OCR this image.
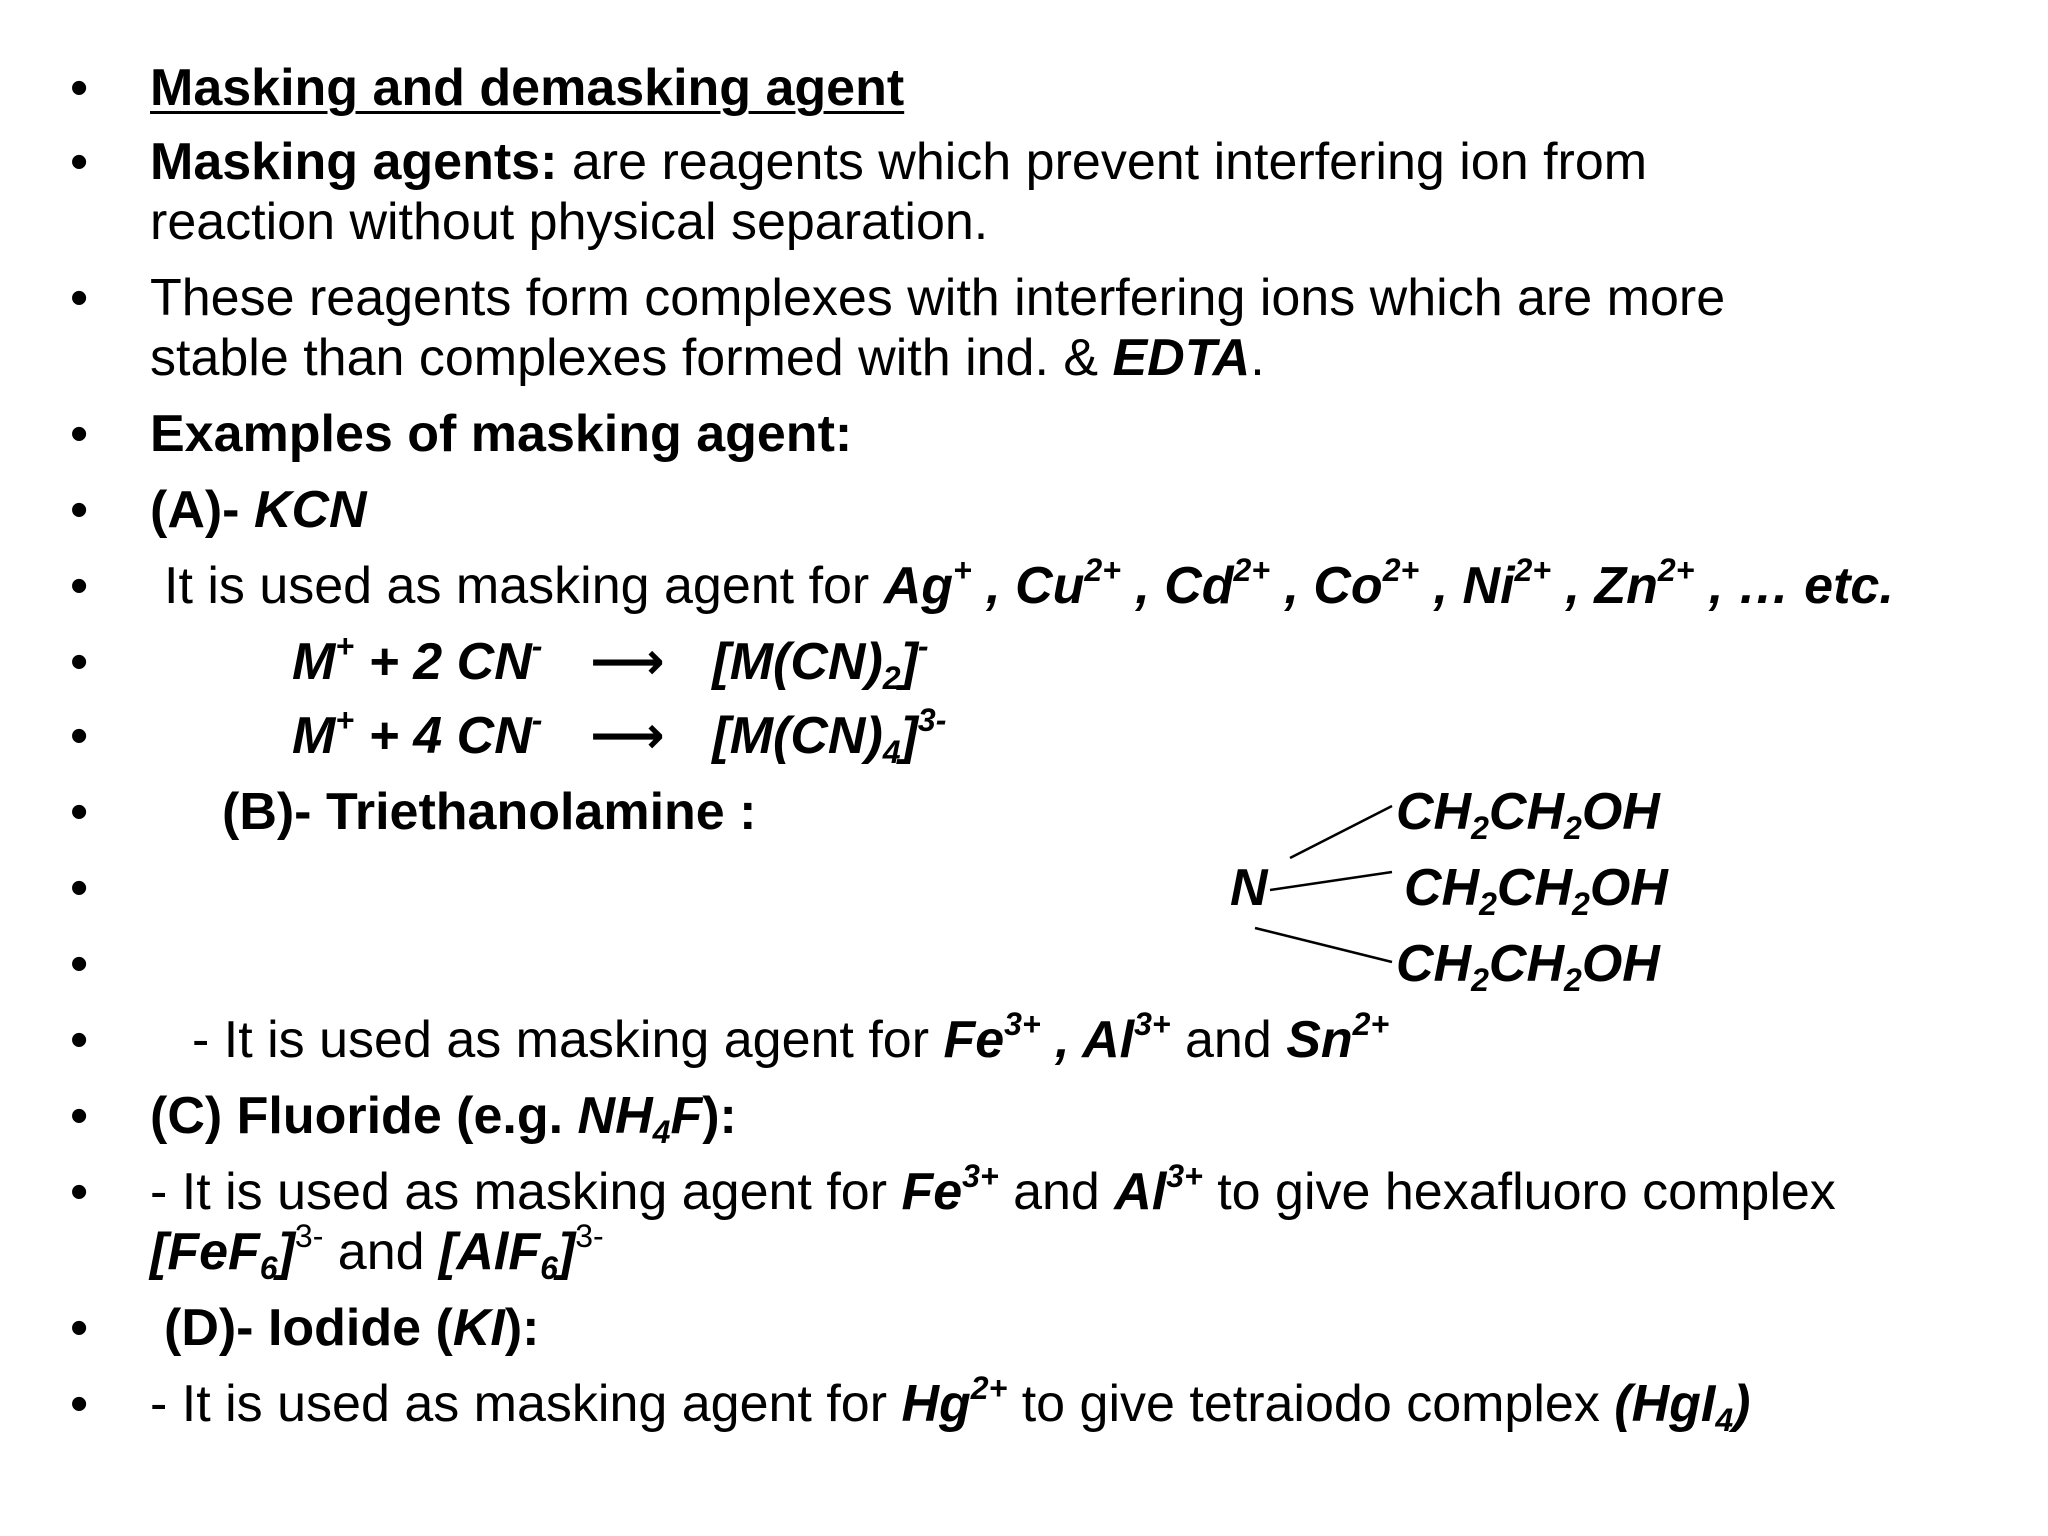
• Masking and demasking agent
• Masking agents: are reagents which prevent interfering ion from
reaction without physical separation.
• These reagents form complexes with interfering ions which are more
stable than complexes formed with ind. & EDTA.
• Examples of masking agent:
• (A)- KCN
• It is used as masking agent for Ag+ , $Cu^{2+}$ , $Cd^{2+}$ , $Co^{2+}$ , $Ni^{2+}$ , $Zn^{2+}$ , … etc.
•	M+ + 2 CN- ⟶ $[M(CN)_2]^-$
•	M+ + 4 CN- ⟶ $[M(CN)_4]^{3-}$
•	(B)- Triethanolamine :
•
•
N
$CH_2CH_2OH$
$CH_2CH_2OH$
$CH_2CH_2OH$
• - It is used as masking agent for $Fe^{3+}$ , $Al^{3+}$ and $Sn^{2+}$
• (C) Fluoride (e.g. $NH_4F$):
• - It is used as masking agent for $Fe^{3+}$ and $Al^{3+}$ to give hexafluoro complex
$[FeF_6]^{3-}$ and $[AlF_6]^{3-}$
• (D)- Iodide (KI):
• - It is used as masking agent for $Hg^{2+}$ to give tetraiodo complex (HgI$_4$)
